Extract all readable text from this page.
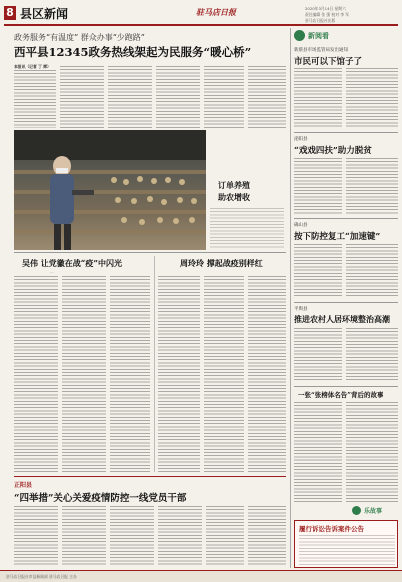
8 县区新闻	驻马店日报	2020年3月14日 星期六
责任编辑 张 强 校对 李 军
驻马店日报社出版
政务服务“有温度” 群众办事“少跑路”
西平县12345政务热线架起为民服务“暖心桥”
本报讯（记者 丁 辉）
订单养殖
助农增收
吴伟 让党徽在战“疫”中闪光	周玲玲 撑起战疫别样红
···
正阳县
“四举措”关心关爱疫情防控一线党员干部
新阅看
新蔡县市场监管局发出通知
市民可以下馆子了
泌阳县
“戏戏四扶”助力脱贫
确山县
按下防控复工“加速键”
平舆县
推进农村人居环境整治高潮
一张“张榜体名告”背后的故事
乐故事
履行诉讼告诉案件公告
驻马店日报社市县新闻部 驻马店日报 主办
